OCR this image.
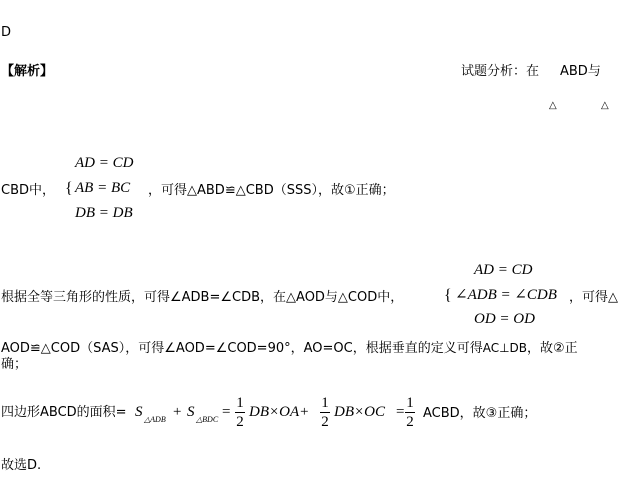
D
【解析】	试题分析：在 ABD与
△	△
CBD中， {
AD = CD
AB = BC
DB = DB
，可得△ABD≌△CBD（SSS），故①正确；
AD = CD
根据全等三角形的性质，可得∠ADB=∠CDB，在△AOD与△COD中，	{ ∠ADB = ∠CDB ，可得△
OD = OD
AOD≌△COD（SAS），可得∠AOD=∠COD=90°，AO=OC，根据垂直的定义可得AC⊥DB，故②正
确；
四边形ABCD的面积= S △ADB + S △BDC =
1
2
DB×OA+
1
2
DB×OC =
1
2
ACBD，故③正确；
故选D.
